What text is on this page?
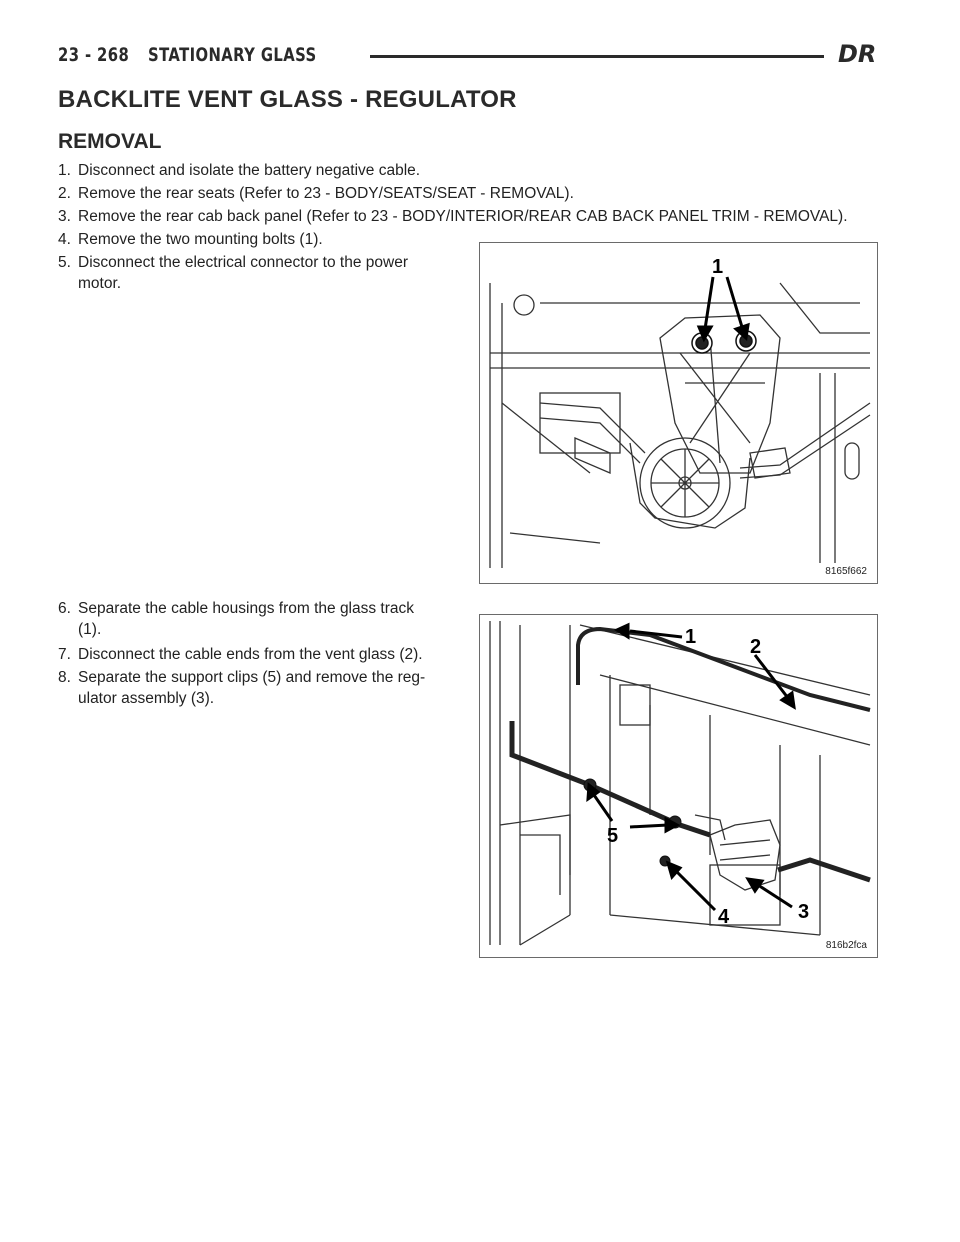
23 - 268 STATIONARY GLASS	DR
BACKLITE VENT GLASS - REGULATOR
REMOVAL

1. Disconnect and isolate the battery negative cable.

2. Remove the rear seats (Refer to 23 - BODY/SEATS/SEAT - REMOVAL).

3. Remove the rear cab back panel (Refer to 23 - BODY/INTERIOR/REAR CAB BACK PANEL TRIM - REMOVAL).

4. Remove the two mounting bolts (1).

5. Disconnect the electrical connector to the power
motor.

6. Separate the cable housings from the glass track
(1).

7. Disconnect the cable ends from the vent glass (2).

8. Separate the support clips (5) and remove the reg-
ulator assembly (3).

1
8165f662
1	2
3
4
5
816b2fca
